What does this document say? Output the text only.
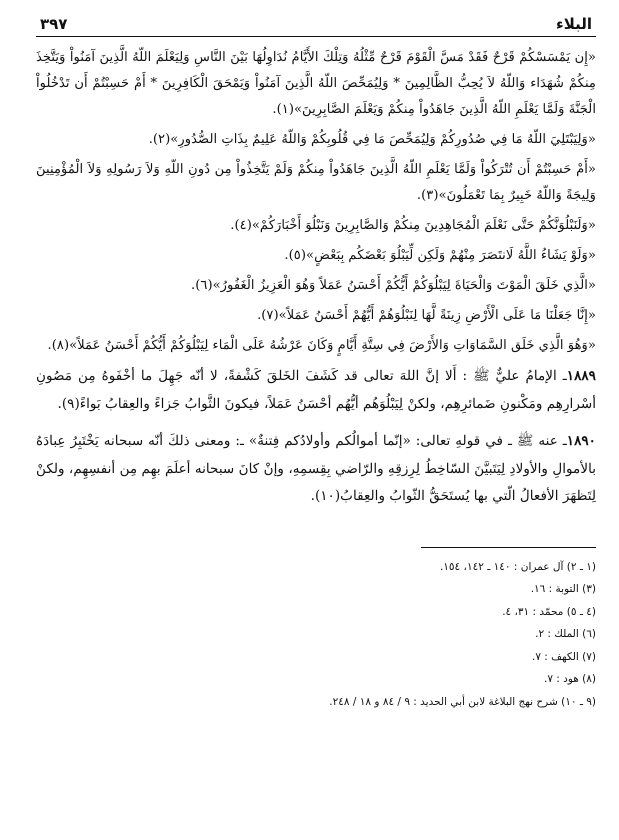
البلاء
٣٩٧

«إِن يَمْسَسْكُمْ قَرْحٌ فَقَدْ مَسَّ الْقَوْمَ قَرْحٌ مِّثْلُهُ وَتِلْكَ الأَيَّامُ نُدَاوِلُهَا بَيْنَ النَّاسِ وَلِيَعْلَمَ اللّهُ الَّذِينَ آمَنُواْ وَيَتَّخِذَ مِنكُمْ شُهَدَاء وَاللّهُ لاَ يُحِبُّ الظَّالِمِينَ * وَلِيُمَحِّصَ اللّهُ الَّذِينَ آمَنُواْ وَيَمْحَقَ الْكَافِرِينَ * أَمْ حَسِبْتُمْ أَن تَدْخُلُواْ الْجَنَّةَ وَلَمَّا يَعْلَمِ اللّهُ الَّذِينَ جَاهَدُواْ مِنكُمْ وَيَعْلَمَ الصَّابِرِينَ»(١).

«وَلِيَبْتَلِيَ اللّهُ مَا فِي صُدُورِكُمْ وَلِيُمَحِّصَ مَا فِي قُلُوبِكُمْ وَاللّهُ عَلِيمٌ بِذَاتِ الصُّدُورِ»(٢).

«أَمْ حَسِبْتُمْ أَن تُتْرَكُواْ وَلَمَّا يَعْلَمِ اللّهُ الَّذِينَ جَاهَدُواْ مِنكُمْ وَلَمْ يَتَّخِذُواْ مِن دُونِ اللّهِ وَلاَ رَسُولِهِ وَلاَ الْمُؤْمِنِينَ وَلِيجَةً وَاللّهُ خَبِيرٌ بِمَا تَعْمَلُونَ»(٣).

«وَلَنَبْلُوَنَّكُمْ حَتَّى نَعْلَمَ الْمُجَاهِدِينَ مِنكُمْ وَالصَّابِرِينَ وَنَبْلُوَ أَخْبَارَكُمْ»(٤).

«وَلَوْ يَشَاءُ اللَّهُ لَانتَصَرَ مِنْهُمْ وَلَكِن لِّيَبْلُوَ بَعْضَكُم بِبَعْضٍ»(٥).

«الَّذِي خَلَقَ الْمَوْتَ وَالْحَيَاةَ لِيَبْلُوَكُمْ أَيُّكُمْ أَحْسَنُ عَمَلاً وَهُوَ الْعَزِيزُ الْغَفُورُ»(٦).

«إِنَّا جَعَلْنَا مَا عَلَى الْأَرْضِ زِينَةً لَّهَا لِنَبْلُوَهُمْ أَيُّهُمْ أَحْسَنُ عَمَلاً»(٧).

«وَهُوَ الَّذِي خَلَق السَّمَاوَاتِ وَالأَرْضَ فِي سِتَّةِ أَيَّامٍ وَكَانَ عَرْشُهُ عَلَى الْمَاء لِيَبْلُوَكُمْ أَيُّكُمْ أَحْسَنُ عَمَلاً»(٨).

١٨٨٩ـ الإمامُ عليٌّ ﷺ : أَلا إنَّ اللهَ تعالى قد كَشَفَ الخَلقَ كَشْفةً، لا أنّه جَهِلَ ما أخْفَوهُ مِن مَصُونِ أسْرارِهِم ومَكْنونِ ضَمائرِهِم، ولكنْ لِيَبْلُوَهُم أيُّهُم أحْسَنُ عَمَلاً، فيكونَ الثَّوابُ جَزاءً والعِقابُ بَواءً(٩).

١٨٩٠ـ عنه ﷺ ـ في قولهِ تعالى: «إنّما أموالُكم وأولادُكم فِتنةٌ» ـ: ومعنى ذلكَ أنّه سبحانه يَخْتَبِرُ عِبادَهُ بالأموالِ والأولادِ لِيَتَبيَّنَ السّاخِطُ لِرِزقِهِ والرّاضي بِقِسمِهِ، وإنْ كانَ سبحانه أعلَمَ بهِم مِن أنفسِهِم، ولكنْ لِتَظهَرَ الأفعالُ الّتي بها يُستَحَقُّ الثّوابُ والعِقابُ(١٠).

(١ ـ ٢) آل عمران : ١٤٠ ـ ١٤٢، ١٥٤.
(٣) التوبة : ١٦.
(٤ ـ ٥) محمّد : ٣١، ٤.
(٦) الملك : ٢.
(٧) الكهف : ٧.
(٨) هود : ٧.
(٩ ـ ١٠) شرح نهج البلاغة لابن أبي الحديد : ٩ / ٨٤ و ١٨ / ٢٤٨.
